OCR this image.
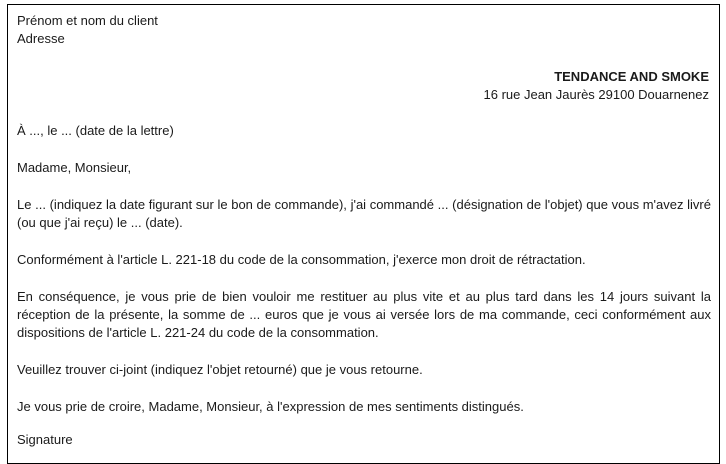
Prénom et nom du client

Adresse

TENDANCE AND SMOKE
16 rue Jean Jaurès 29100 Douarnenez

À ..., le ... (date de la lettre)

Madame, Monsieur,

Le ... (indiquez la date figurant sur le bon de commande), j'ai commandé ... (désignation de l'objet) que vous m'avez livré (ou que j'ai reçu) le ... (date).

Conformément à l'article L. 221-18 du code de la consommation, j'exerce mon droit de rétractation.

En conséquence, je vous prie de bien vouloir me restituer au plus vite et au plus tard dans les 14 jours suivant la réception de la présente, la somme de ... euros que je vous ai versée lors de ma commande, ceci conformément aux dispositions de l'article L. 221-24 du code de la consommation.

Veuillez trouver ci-joint (indiquez l'objet retourné) que je vous retourne.

Je vous prie de croire, Madame, Monsieur, à l'expression de mes sentiments distingués.

Signature
